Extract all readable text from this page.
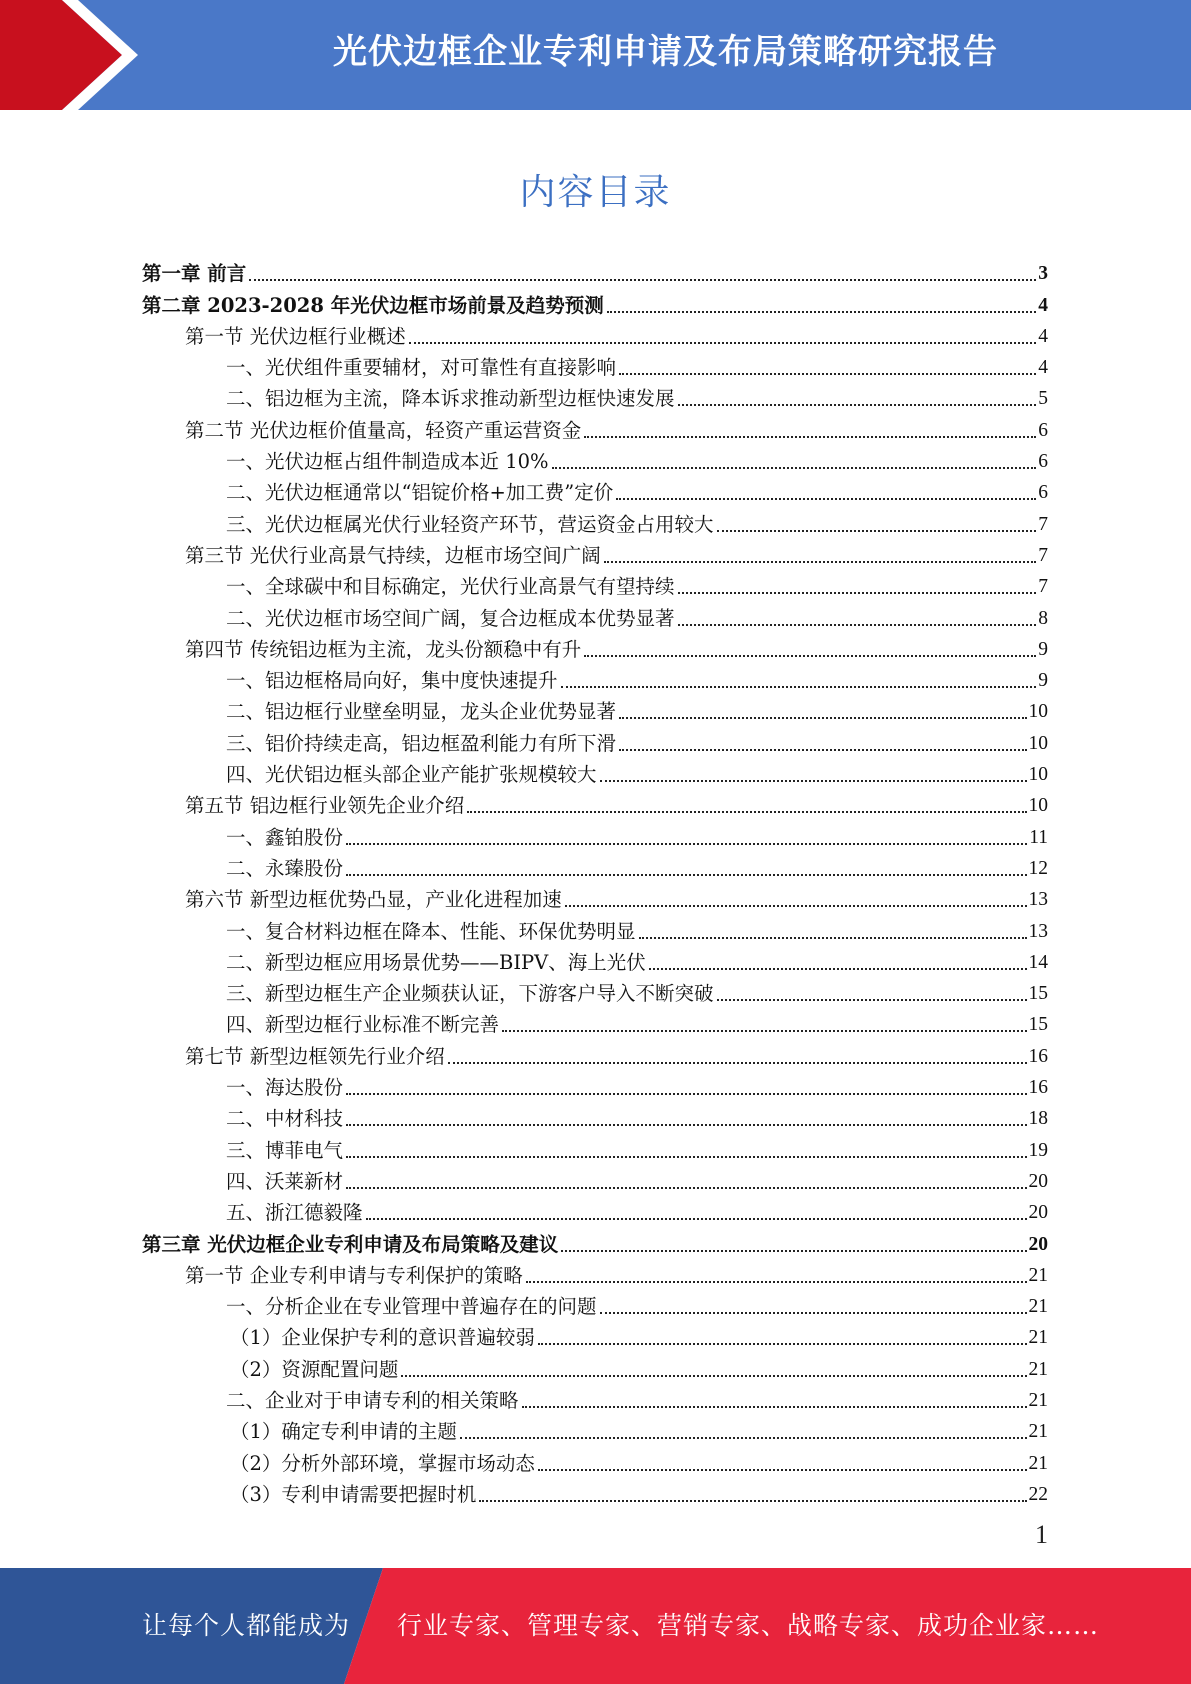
光伏边框企业专利申请及布局策略研究报告
内容目录
第一章 前言	3
第二章 2023-2028 年光伏边框市场前景及趋势预测	4
第一节 光伏边框行业概述	4
一、光伏组件重要辅材，对可靠性有直接影响	4
二、铝边框为主流，降本诉求推动新型边框快速发展	5
第二节 光伏边框价值量高，轻资产重运营资金	6
一、光伏边框占组件制造成本近 10%	6
二、光伏边框通常以“铝锭价格+加工费”定价	6
三、光伏边框属光伏行业轻资产环节，营运资金占用较大	7
第三节 光伏行业高景气持续，边框市场空间广阔	7
一、全球碳中和目标确定，光伏行业高景气有望持续	7
二、光伏边框市场空间广阔，复合边框成本优势显著	8
第四节 传统铝边框为主流，龙头份额稳中有升	9
一、铝边框格局向好，集中度快速提升	9
二、铝边框行业壁垒明显，龙头企业优势显著	10
三、铝价持续走高，铝边框盈利能力有所下滑	10
四、光伏铝边框头部企业产能扩张规模较大	10
第五节 铝边框行业领先企业介绍	10
一、鑫铂股份	11
二、永臻股份	12
第六节 新型边框优势凸显，产业化进程加速	13
一、复合材料边框在降本、性能、环保优势明显	13
二、新型边框应用场景优势——BIPV、海上光伏	14
三、新型边框生产企业频获认证，下游客户导入不断突破	15
四、新型边框行业标准不断完善	15
第七节 新型边框领先行业介绍	16
一、海达股份	16
二、中材科技	18
三、博菲电气	19
四、沃莱新材	20
五、浙江德毅隆	20
第三章 光伏边框企业专利申请及布局策略及建议	20
第一节 企业专利申请与专利保护的策略	21
一、分析企业在专业管理中普遍存在的问题	21
（1）企业保护专利的意识普遍较弱	21
（2）资源配置问题	21
二、企业对于申请专利的相关策略	21
（1）确定专利申请的主题	21
（2）分析外部环境，掌握市场动态	21
（3）专利申请需要把握时机	22
1
让每个人都能成为 行业专家、管理专家、营销专家、战略专家、成功企业家……
